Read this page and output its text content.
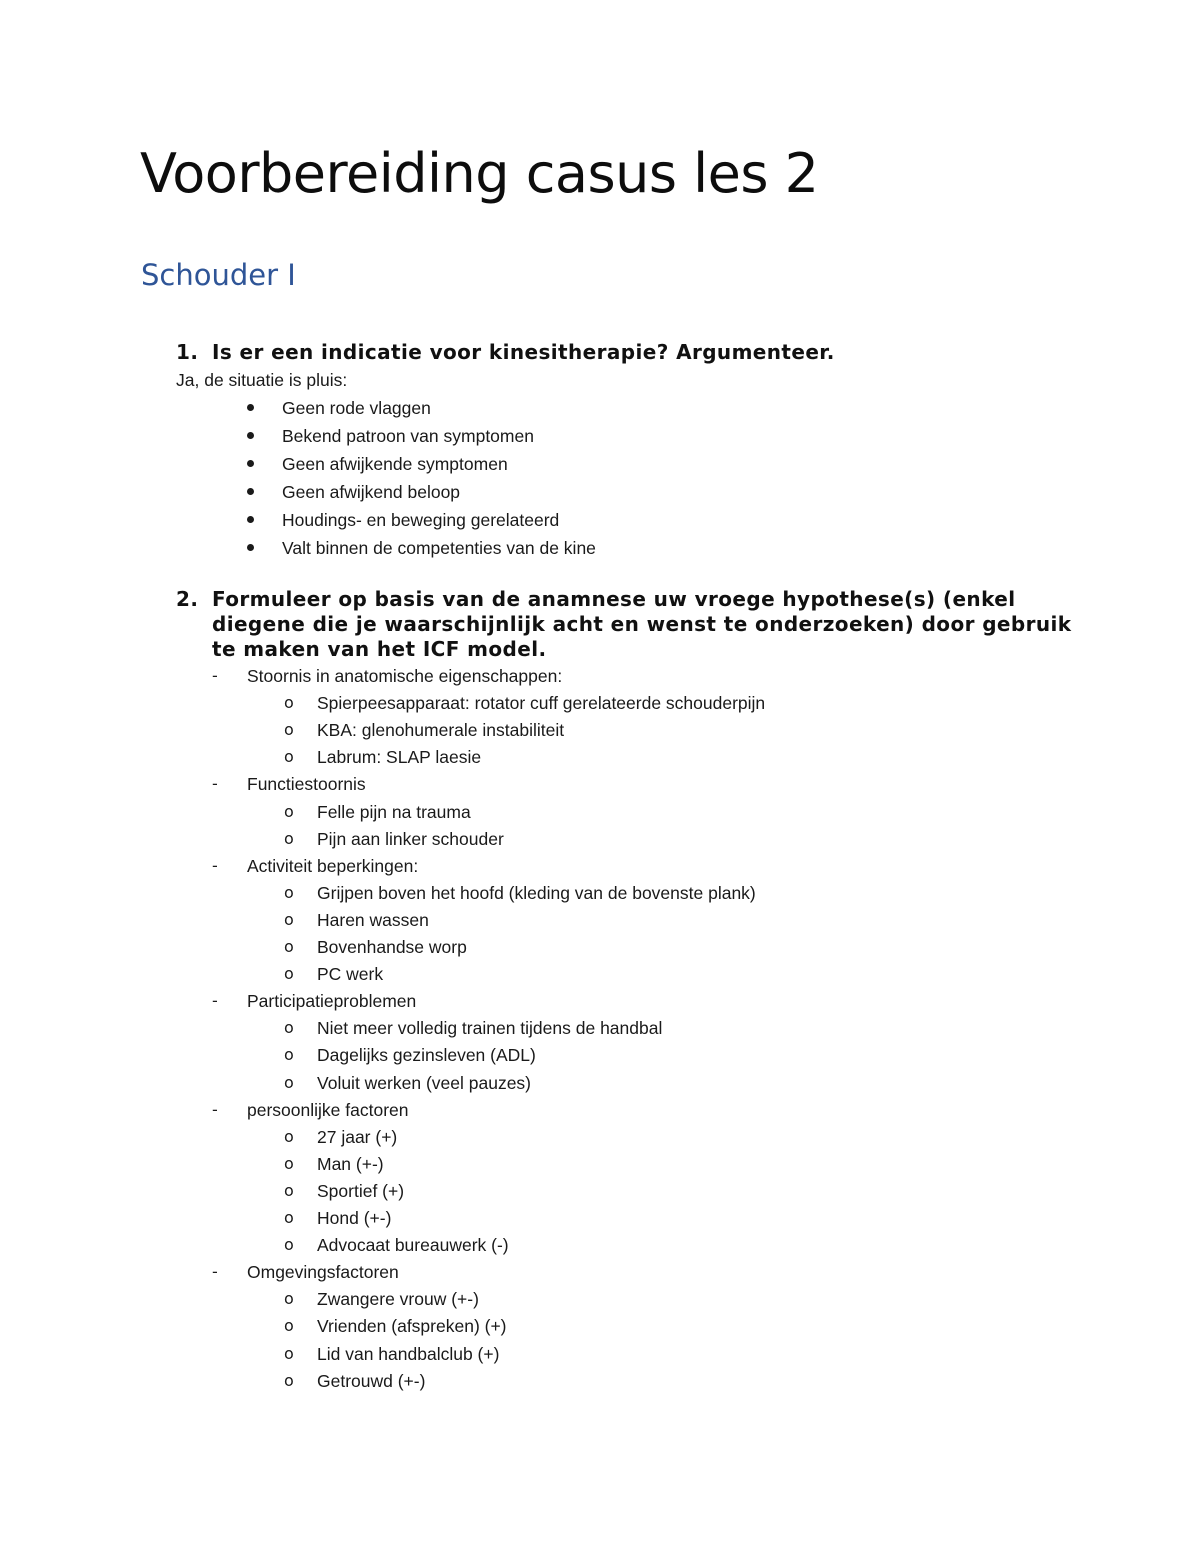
Voorbereiding casus les 2
Schouder I
1. Is er een indicatie voor kinesitherapie? Argumenteer.
Ja, de situatie is pluis:
Geen rode vlaggen
Bekend patroon van symptomen
Geen afwijkende symptomen
Geen afwijkend beloop
Houdings- en beweging gerelateerd
Valt binnen de competenties van de kine
2. Formuleer op basis van de anamnese uw vroege hypothese(s) (enkel diegene die je waarschijnlijk acht en wenst te onderzoeken) door gebruik te maken van het ICF model.
- Stoornis in anatomische eigenschappen:
o Spierpeesapparaat: rotator cuff gerelateerde schouderpijn
o KBA: glenohumerale instabiliteit
o Labrum: SLAP laesie
- Functiestoornis
o Felle pijn na trauma
o Pijn aan linker schouder
- Activiteit beperkingen:
o Grijpen boven het hoofd (kleding van de bovenste plank)
o Haren wassen
o Bovenhandse worp
o PC werk
- Participatieproblemen
o Niet meer volledig trainen tijdens de handbal
o Dagelijks gezinsleven (ADL)
o Voluit werken (veel pauzes)
- persoonlijke factoren
o 27 jaar (+)
o Man (+-)
o Sportief (+)
o Hond (+-)
o Advocaat bureauwerk (-)
- Omgevingsfactoren
o Zwangere vrouw (+-)
o Vrienden (afspreken) (+)
o Lid van handbalclub (+)
o Getrouwd (+-)
